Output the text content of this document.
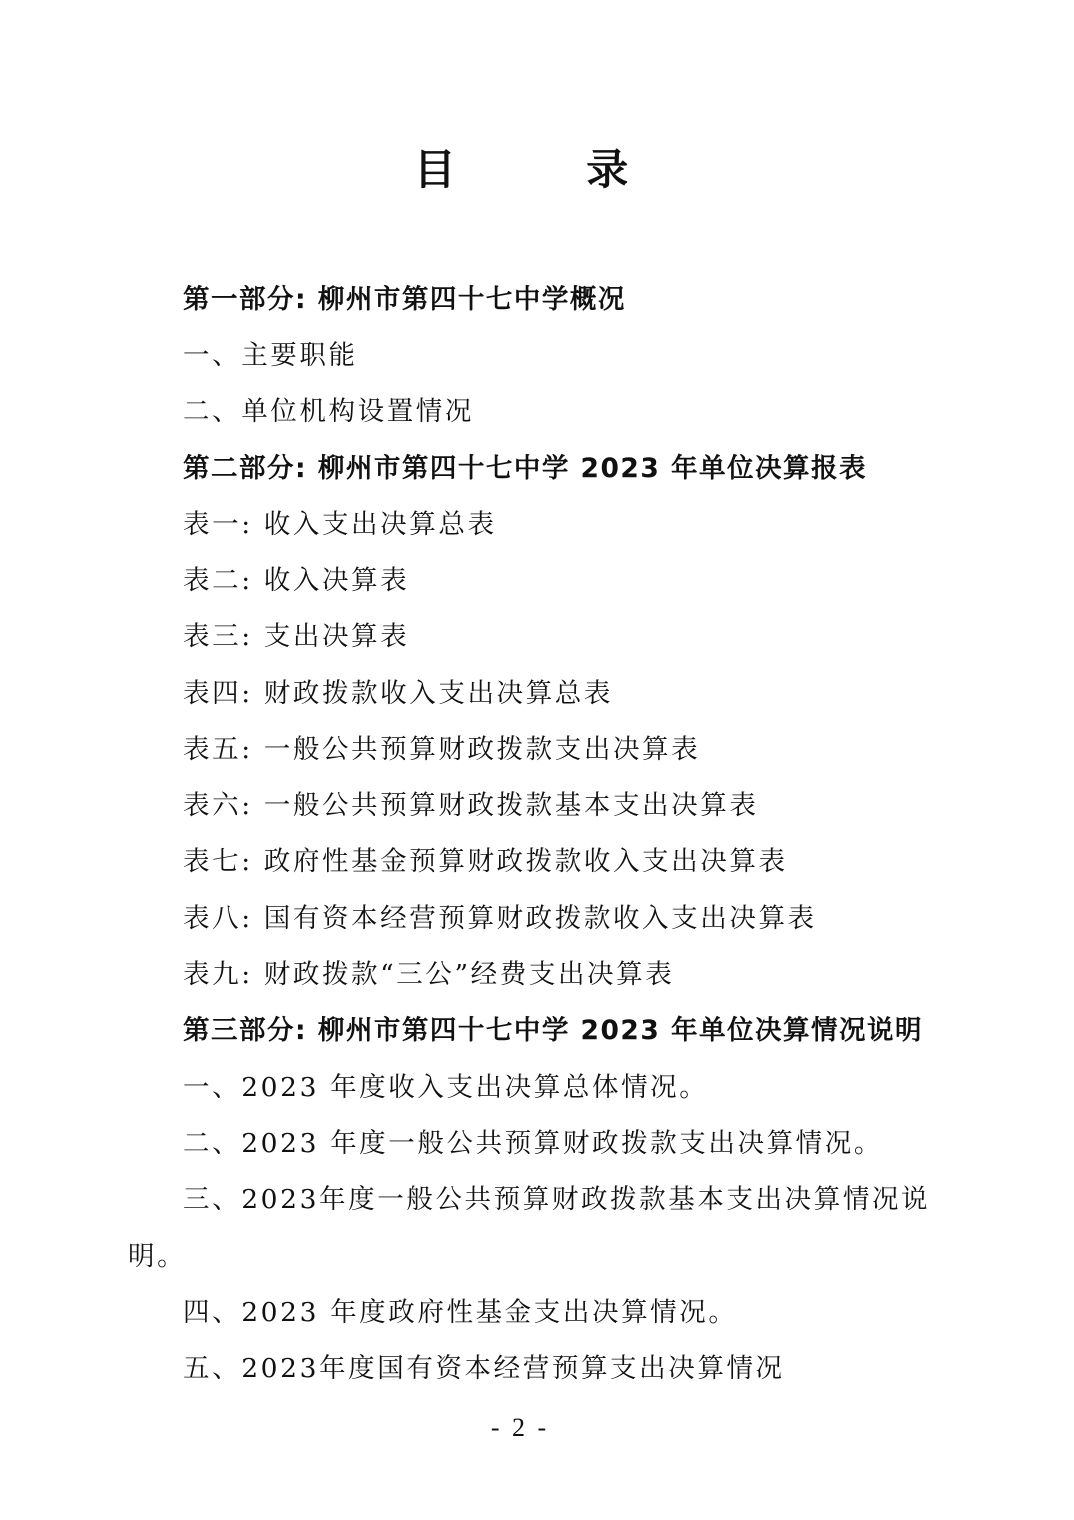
目 录
第一部分: 柳州市第四十七中学概况
一、主要职能
二、单位机构设置情况
第二部分: 柳州市第四十七中学 2023 年单位决算报表
表一: 收入支出决算总表
表二: 收入决算表
表三: 支出决算表
表四: 财政拨款收入支出决算总表
表五: 一般公共预算财政拨款支出决算表
表六: 一般公共预算财政拨款基本支出决算表
表七: 政府性基金预算财政拨款收入支出决算表
表八: 国有资本经营预算财政拨款收入支出决算表
表九: 财政拨款“三公”经费支出决算表
第三部分: 柳州市第四十七中学 2023 年单位决算情况说明
一、2023 年度收入支出决算总体情况。
二、2023 年度一般公共预算财政拨款支出决算情况。
三、2023年度一般公共预算财政拨款基本支出决算情况说
明。
四、2023 年度政府性基金支出决算情况。
五、2023年度国有资本经营预算支出决算情况
- 2 -
